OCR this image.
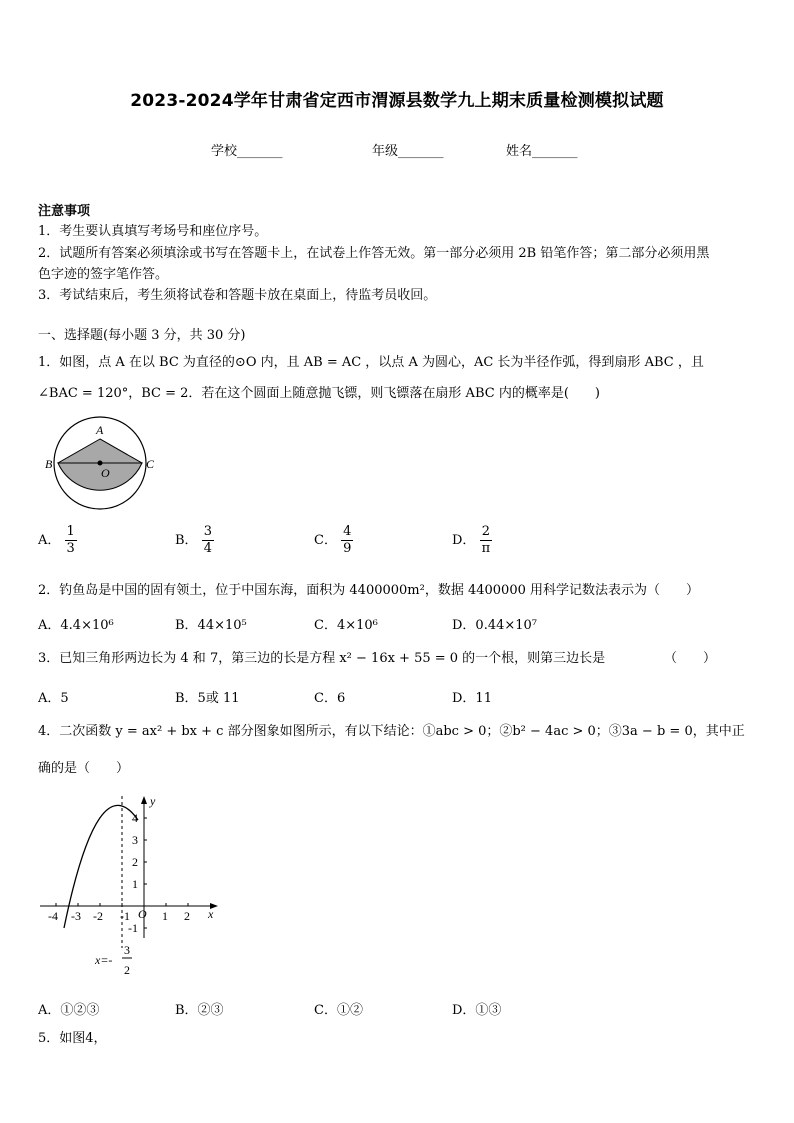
2023-2024学年甘肃省定西市渭源县数学九上期末质量检测模拟试题
学校_______	年级_______	姓名_______
注意事项
1．考生要认真填写考场号和座位序号。
2．试题所有答案必须填涂或书写在答题卡上，在试卷上作答无效。第一部分必须用 2B 铅笔作答；第二部分必须用黑
色字迹的签字笔作答。
3．考试结束后，考生须将试卷和答题卡放在桌面上，待监考员收回。
一、选择题(每小题 3 分，共 30 分)
1．如图，点 A 在以 BC 为直径的⊙O 内，且 AB = AC ，以点 A 为圆心，AC 长为半径作弧，得到扇形 ABC ，且
∠BAC = 120°，BC = 2．若在这个圆面上随意抛飞镖，则飞镖落在扇形 ABC 内的概率是(　　)
A
B	C
O
A． $\frac{1}{3}$	B． $\frac{3}{4}$	C． $\frac{4}{9}$	D． $\frac{2}{\pi}$
2．钓鱼岛是中国的固有领土，位于中国东海，面积为 4400000m²，数据 4400000 用科学记数法表示为（　　）
A．4.4×10⁶	B．44×10⁵	C．4×10⁶	D．0.44×10⁷
3．已知三角形两边长为 4 和 7，第三边的长是方程 x² − 16x + 55 = 0 的一个根，则第三边长是	（　　）
A．5	B．5或 11	C．6	D．11
4．二次函数 y = ax² + bx + c 部分图象如图所示，有以下结论：①abc > 0；②b² − 4ac > 0；③3a − b = 0，其中正
确的是（　　）
-4 -3 -2 -1	1 2
4
3
2
1
-1
x
y
O
x=-
3
2
A．①②③	B．②③	C．①②	D．①③
5．如图4，
